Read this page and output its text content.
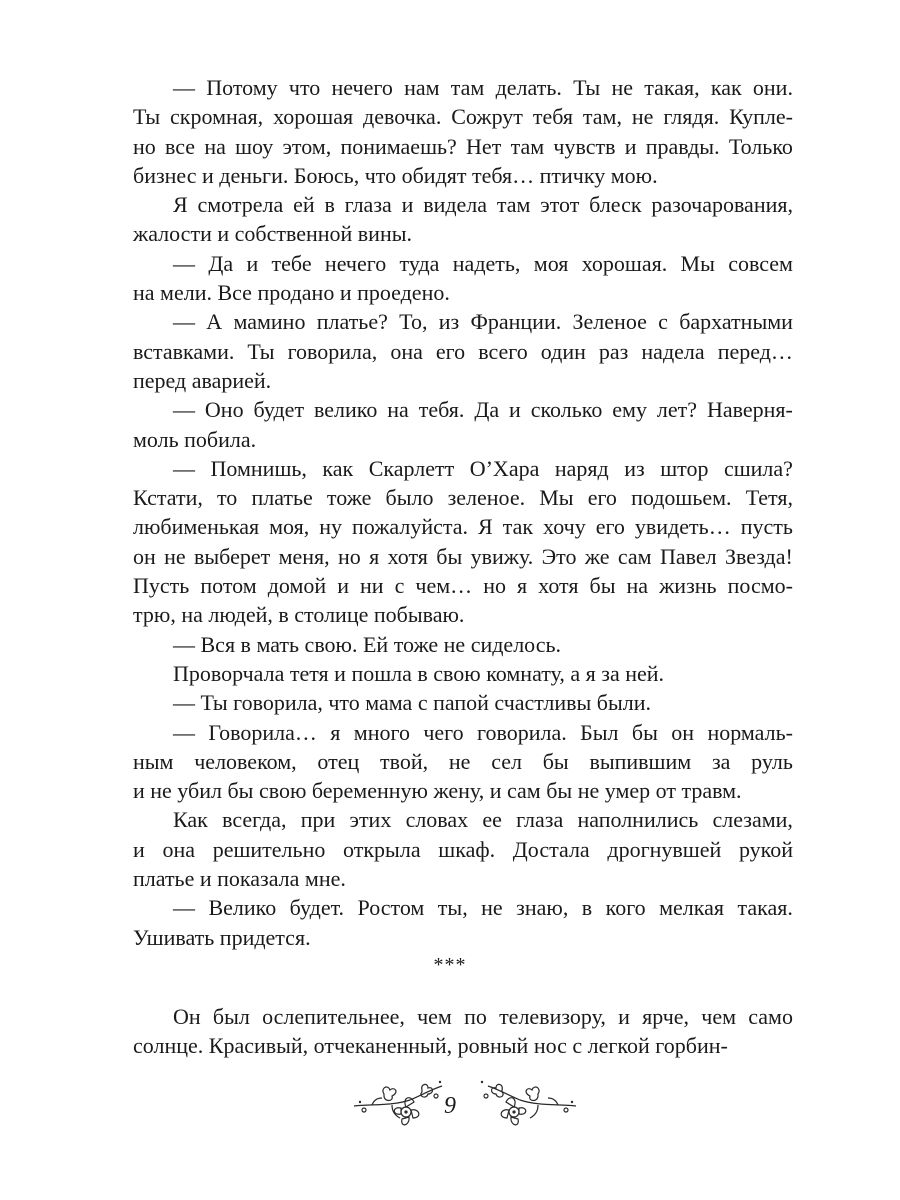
— Потому что нечего нам там делать. Ты не такая, как они.
Ты скромная, хорошая девочка. Сожрут тебя там, не глядя. Купле-
но все на шоу этом, понимаешь? Нет там чувств и правды. Только
бизнес и деньги. Боюсь, что обидят тебя… птичку мою.
Я смотрела ей в глаза и видела там этот блеск разочарования,
жалости и собственной вины.
— Да и тебе нечего туда надеть, моя хорошая. Мы совсем
на мели. Все продано и проедено.
— А мамино платье? То, из Франции. Зеленое с бархатными
вставками. Ты говорила, она его всего один раз надела перед…
перед аварией.
— Оно будет велико на тебя. Да и сколько ему лет? Наверня-
моль побила.
— Помнишь, как Скарлетт О’Хара наряд из штор сшила?
Кстати, то платье тоже было зеленое. Мы его подошьем. Тетя,
любименькая моя, ну пожалуйста. Я так хочу его увидеть… пусть
он не выберет меня, но я хотя бы увижу. Это же сам Павел Звезда!
Пусть потом домой и ни с чем… но я хотя бы на жизнь посмо-
трю, на людей, в столице побываю.
— Вся в мать свою. Ей тоже не сиделось.
Проворчала тетя и пошла в свою комнату, а я за ней.
— Ты говорила, что мама с папой счастливы были.
— Говорила… я много чего говорила. Был бы он нормаль-
ным человеком, отец твой, не сел бы выпившим за руль
и не убил бы свою беременную жену, и сам бы не умер от травм.
Как всегда, при этих словах ее глаза наполнились слезами,
и она решительно открыла шкаф. Достала дрогнувшей рукой
платье и показала мне.
— Велико будет. Ростом ты, не знаю, в кого мелкая такая.
Ушивать придется.
***
Он был ослепительнее, чем по телевизору, и ярче, чем само
солнце. Красивый, отчеканенный, ровный нос с легкой горбин-
9
